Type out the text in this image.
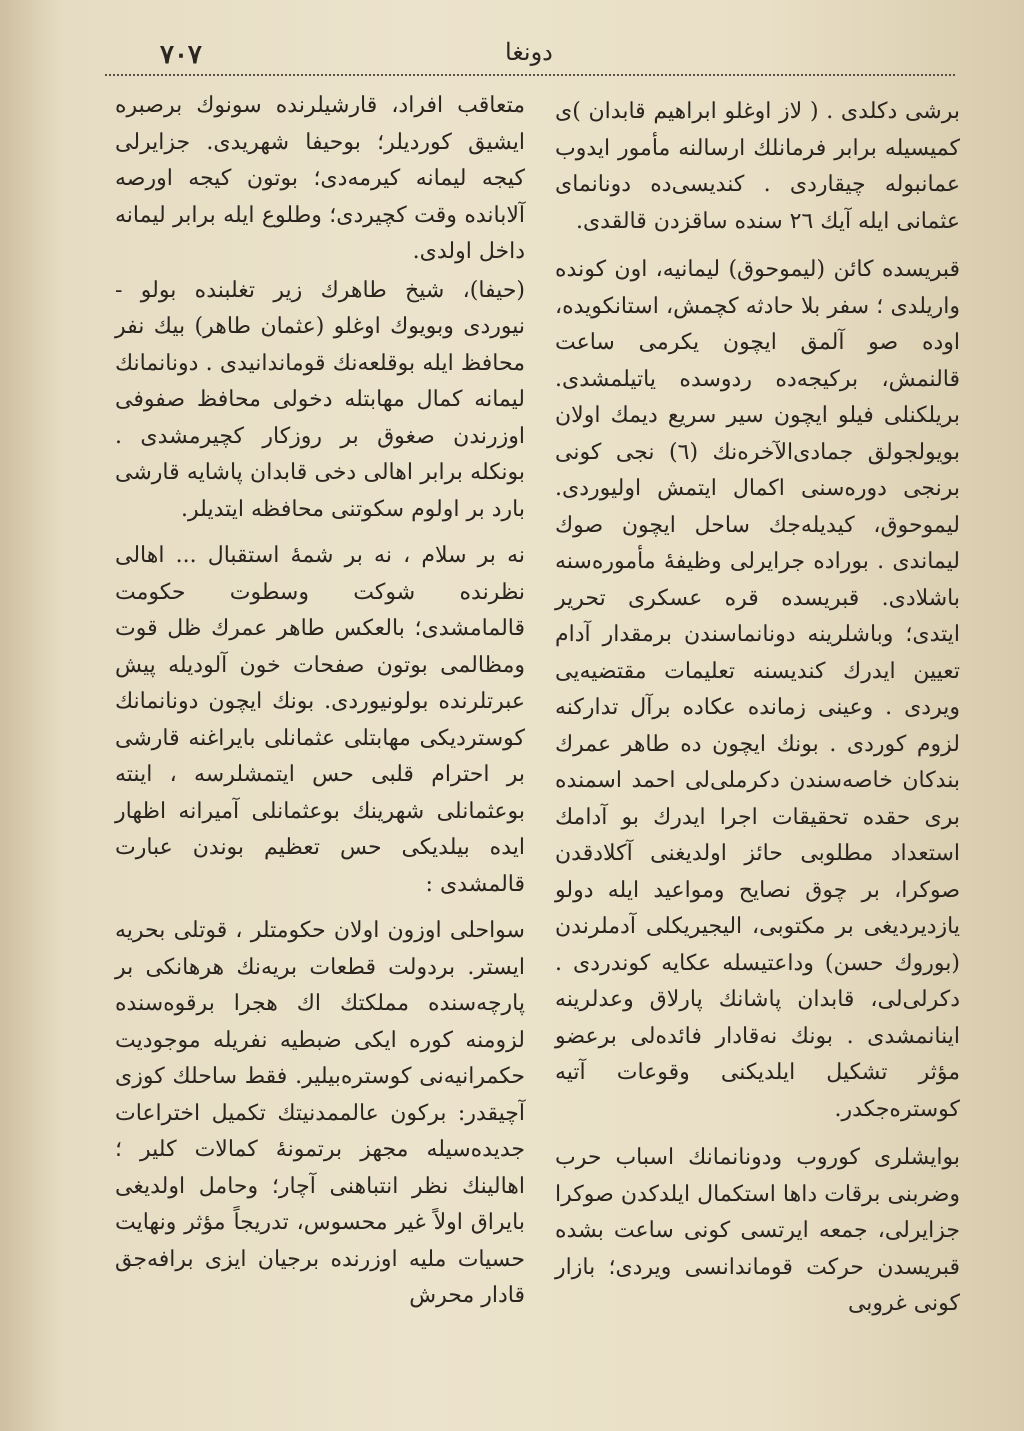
٧٠٧	دونغا

برشی دکلدی . ( لاز اوغلو ابراهیم قابدان )ی کمیسیله برابر فرمانلك ارسالنه مأمور ایدوب عمانبوله چیقاردی . کندیسی‌ده دونانمای عثمانی ایله آیك ٢٦ سنده ساقزدن قالقدی.

قبریسده کائن (لیموحوق) لیمانیه، اون کونده واریلدی ؛ سفر بلا حادثه کچمش، استانکویده، اوده صو آلمق ایچون یکرمی ساعت قالنمش، برکیجه‌ده ردوسده یاتیلمشدی. بریلکنلی فیلو ایچون سیر سریع دیمك اولان بویولجولق جمادی‌الآخره‌نك (٦) نجی کونی برنجی دوره‌سنی اکمال ایتمش اولیوردی. لیموحوق، کیدیله‌جك ساحل ایچون صوك لیماندی . بوراده جرایرلی وظیفهٔ مأموره‌سنه باشلادی. قبریسده قره عسکری تحریر ایتدی؛ وباشلرینه دونانماسندن برمقدار آدام تعیین ایدرك کندیسنه تعلیمات مقتضیه‌یی ویردی . وعینی زمانده عکاده برآل تدارکنه لزوم کوردی . بونك ایچون ده طاهر عمرك بندکان خاصه‌سندن دکرملی‌لی احمد اسمنده بری حقده تحقیقات اجرا ایدرك بو آدامك استعداد مطلوبی حائز اولدیغنی آکلادقدن صوکرا، بر چوق نصایح ومواعید ایله دولو یازدیردیغی بر مکتوبی، الیجیریکلی آدملرندن (بوروك حسن) وداعتیسله عکایه کوندردی . دکرلی‌لی، قابدان پاشانك پارلاق وعدلرینه اینانمشدی . بونك نه‌قادار فائده‌لی برعضو مؤثر تشکیل ایلدیکنی وقوعات آتیه کوستره‌جکدر.

بوایشلری کوروب ودونانمانك اسباب حرب وضربنی برقات داها استکمال ایلدکدن صوکرا جزایرلی، جمعه ایرتسی کونی ساعت بشده قبریسدن حرکت قوماندانسی ویردی؛ بازار کونی غروبی

متعاقب افراد، قارشیلرنده سونوك برصبره ایشیق کوردیلر؛ بوحیفا شهریدی. جزایرلی کیجه لیمانه کیرمه‌دی؛ بوتون کیجه اورصه آلابانده وقت کچیردی؛ وطلوع ایله برابر لیمانه داخل اولدی.

(حیفا)، شیخ طاهرك زیر تغلبنده بولو - نیوردی وبویوك اوغلو (عثمان طاهر) بیك نفر محافظ ایله بوقلعه‌نك قوماندانیدی . دونانمانك لیمانه کمال مهابتله دخولی محافظ صفوفی اوزرندن صغوق بر روزکار کچیرمشدی . بونکله برابر اهالی دخی قابدان پاشایه قارشی بارد بر اولوم سکوتنی محافظه ایتدیلر.

نه بر سلام ، نه بر شمهٔ استقبال ... اهالی نظرنده شوکت وسطوت حکومت قالمامشدی؛ بالعکس طاهر عمرك ظل قوت ومظالمی بوتون صفحات خون آلودیله پیش عبرتلرنده بولونیوردی. بونك ایچون دونانمانك کوستردیکی مهابتلی عثمانلی بایراغنه قارشی بر احترام قلبی حس ایتمشلرسه ، اینته بوعثمانلی شهرینك بوعثمانلی آمیرانه اظهار ایده بیلدیکی حس تعظیم بوندن عبارت قالمشدی :

سواحلی اوزون اولان حکومتلر ، قوتلی بحریه ایستر. بردولت قطعات بریه‌نك هرهانکی بر پارچه‌سنده مملکتك اك هجرا برقوه‌سنده لزومنه کوره ایکی ضبطیه نفریله موجودیت حکمرانیه‌نی کوستره‌بیلیر. فقط ساحلك کوزی آچیقدر: برکون عالممدنیتك تکمیل اختراعات جدیده‌سیله مجهز برتمونهٔ کمالات کلیر ؛ اهالینك نظر انتباهنی آچار؛ وحامل اولدیغی بایراق اولاً غیر محسوس، تدریجاً مؤثر ونهایت حسیات ملیه اوزرنده برجیان ایزی برافه‌جق قادار محرش
